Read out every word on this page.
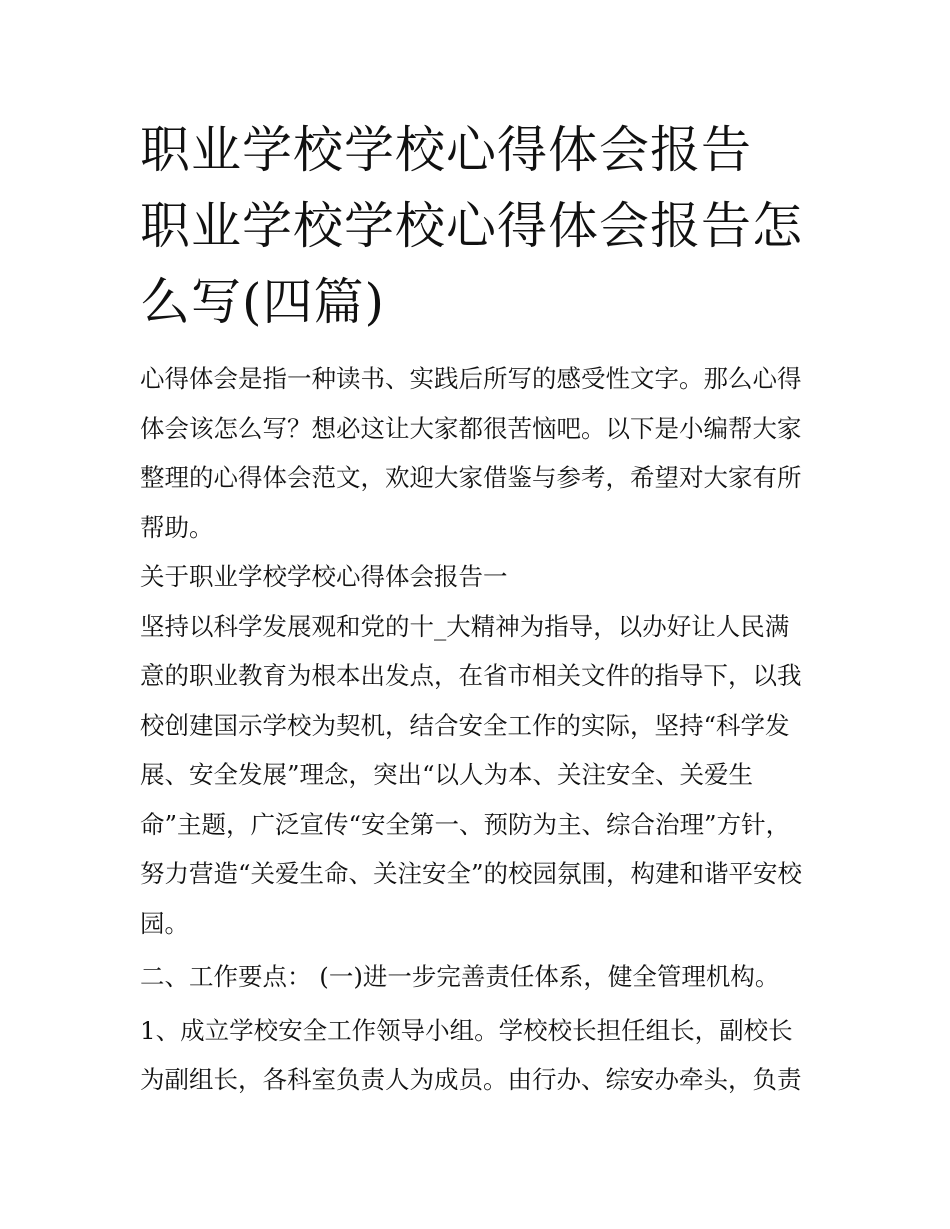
职业学校学校心得体会报告 职业学校学校心得体会报告怎么写(四篇)
心得体会是指一种读书、实践后所写的感受性文字。那么心得
体会该怎么写？想必这让大家都很苦恼吧。以下是小编帮大家
整理的心得体会范文，欢迎大家借鉴与参考，希望对大家有所
帮助。
关于职业学校学校心得体会报告一
坚持以科学发展观和党的十_大精神为指导，以办好让人民满
意的职业教育为根本出发点，在省市相关文件的指导下，以我
校创建国示学校为契机，结合安全工作的实际，坚持“科学发
展、安全发展”理念，突出“以人为本、关注安全、关爱生
命”主题，广泛宣传“安全第一、预防为主、综合治理”方针，
努力营造“关爱生命、关注安全”的校园氛围，构建和谐平安校
园。
二、工作要点： (一)进一步完善责任体系，健全管理机构。
1、成立学校安全工作领导小组。学校校长担任组长，副校长
为副组长，各科室负责人为成员。由行办、综安办牵头，负责
